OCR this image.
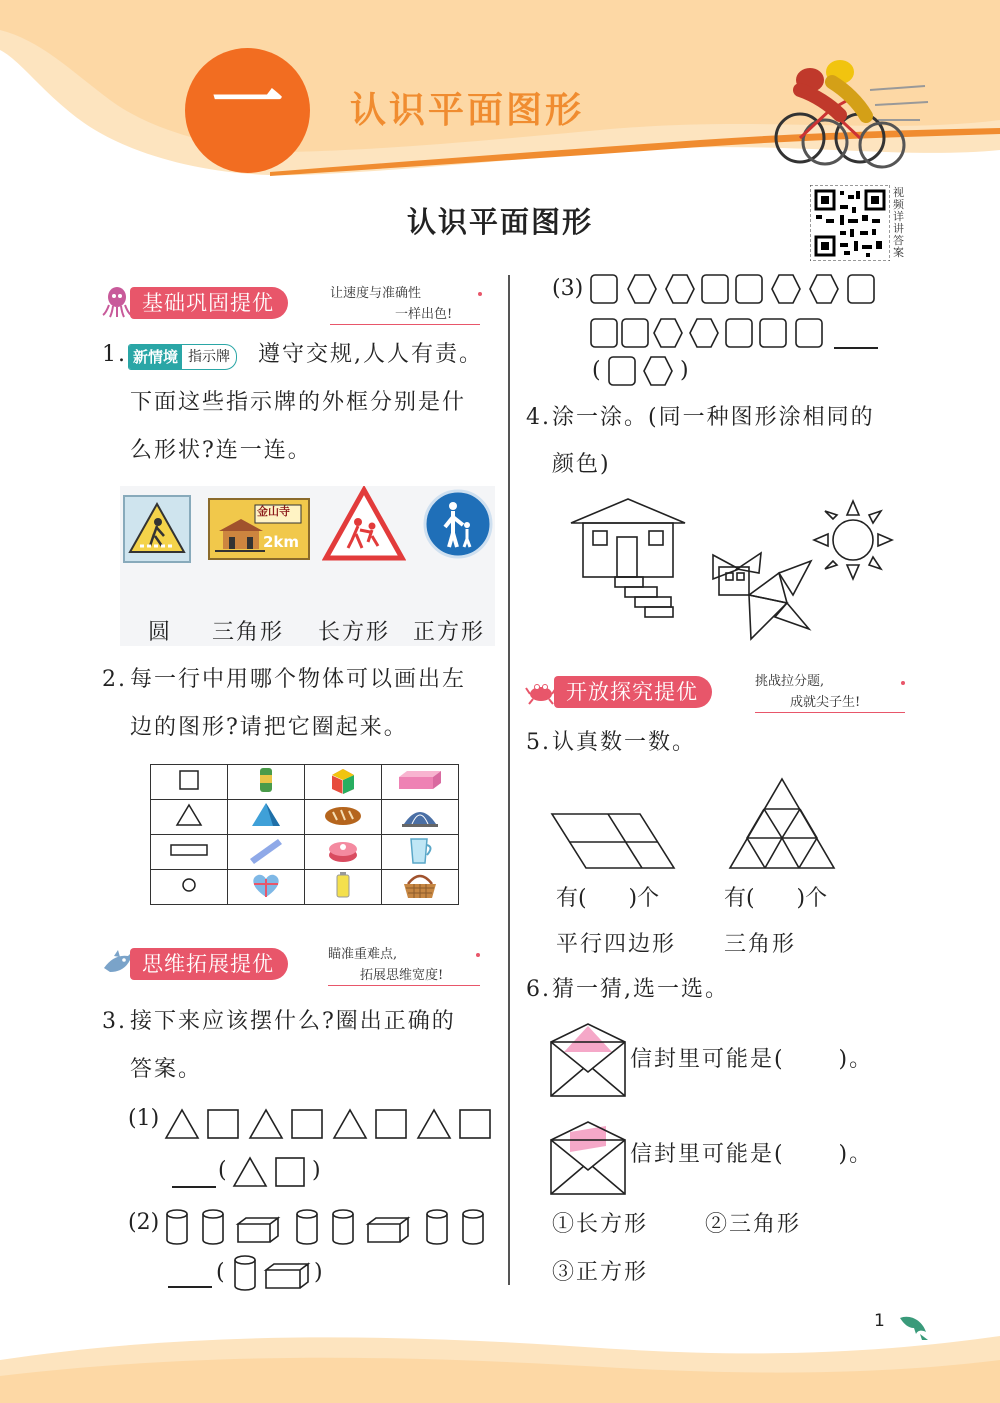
一	认识平面图形
视频详讲答案
认识平面图形
基础巩固提优	让速度与准确性
一样出色!
1. 新情境 指示牌 遵守交规,人人有责。
下面这些指示牌的外框分别是什
么形状?连一连。
金山寺
2km
圆 三角形 长方形 正方形
2. 每一行中用哪个物体可以画出左
边的图形?请把它圈起来。

思维拓展提优	瞄准重难点,
拓展思维宽度!
3. 接下来应该摆什么?圈出正确的
答案。
(1)
(	)
(2)
(	)
(3)
(	)
4. 涂一涂。(同一种图形涂相同的
颜色)
开放探究提优	挑战拉分题,
成就尖子生!
5. 认真数一数。
有(      )个	有(      )个
平行四边形 三角形
6. 猜一猜,选一选。
信封里可能是(      )。
信封里可能是(      )。
①长方形	②三角形
③正方形
1
